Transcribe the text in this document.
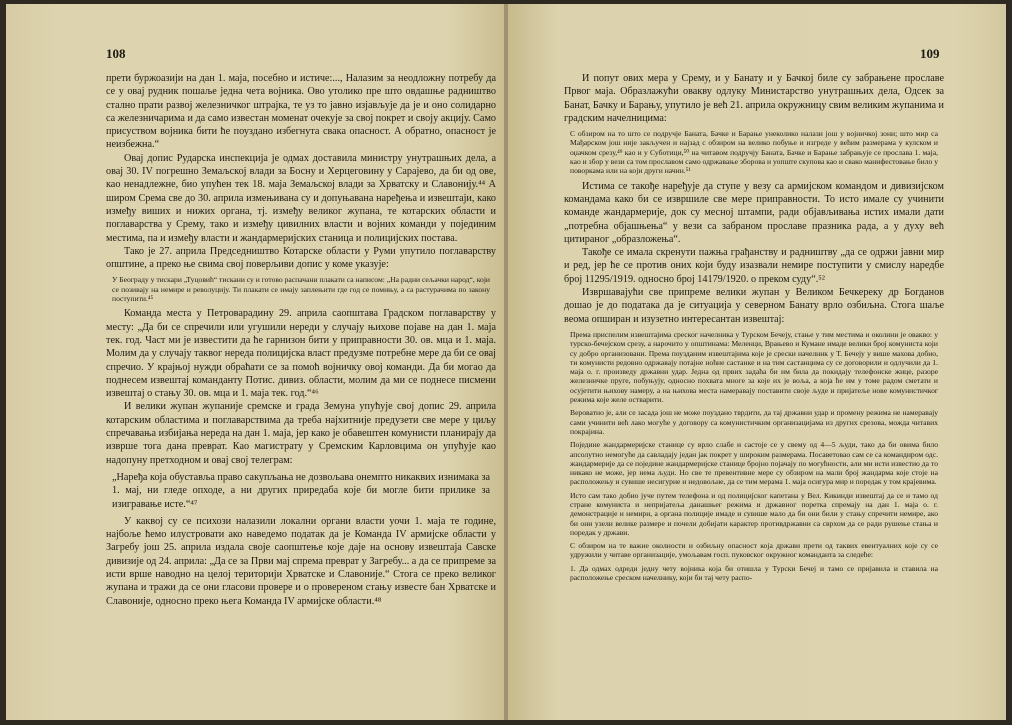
108

прети буржоазији на дан 1. маја, посебно и истиче:..., Налазим за неодложну потребу да се у овај рудник пошаље једна чета војника. Ово утолико пре што овдашње радништво стално прати развој железничког штрајка, те уз то јавно изјављује да је и оно солидарно са железничарима и да само известан моменат очекује за свој покрет и своју акцију. Само присуством војника бити ће поуздано избегнута свака опасност. А обратно, опасност је неизбежна.“

Овај допис Рударска инспекција је одмах доставила министру унутрашњих дела, а овај 30. IV погрешно Земаљској влади за Босну и Херцеговину у Сарајево, да би од ове, као ненадлежне, био упућен тек 18. маја Земаљској влади за Хрватску и Славонију.⁴⁴ А широм Срема све до 30. априла измењивана су и допуњавана наређења и извештаји, како између виших и нижих органа, тј. између великог жупана, те котарских области и поглаварства у Срему, тако и између цивилних власти и војних команди у појединим местима, па и између власти и жандармеријских станица и полицијских постава.

Тако је 27. априла Председништво Котарске области у Руми упутило поглаварству општине, а преко ње свима свој поверљиви допис у коме указује:

У Београду у тискари „Туцовић“ тискани су и готово распачани плакати са написом: „На радни сељачки народ“, који се позивају на немире и револуцију. Ти плакати се имају заплењити где год се помињу, а са растурачима по закону поступити.⁴⁵

Команда места у Петроварадину 29. априла саопштава Градском поглаварству у месту: „Да би се спречили или угушили нереди у случају њихове појаве на дан 1. маја тек. год. Част ми је известити да ће гарнизон бити у приправности 30. ов. мца и 1. маја. Молим да у случају таквог нереда полицијска власт предузме потребне мере да би се овај спречио. У крајњој нужди обраћати се за помоћ војничку овој команди. Да би могао да поднесем извештај команданту Потис. дивиз. области, молим да ми се поднесе писмени извештај о стању 30. ов. мца и 1. маја тек. год.“⁴⁶

И велики жупан жупаније сремске и града Земуна упућује свој допис 29. априла котарским областима и поглаварствима да треба најхитније предузети све мере у циљу спречавања избијања нереда на дан 1. маја, јер како је обавештен комунисти планирају да изврше тога дана преврат. Као магистрату у Сремским Карловцима он упућује као надопуну претходном и овај свој телеграм:

„Наређа која обустављa право сакупљања не дозвољава онемпто никаквих изнимака за 1. мај, ни гледе опходе, а ни других приредаба које би могле бити приликe за изигравање исте.“⁴⁷

У каквој су се психози налазили локални органи власти уочи 1. маја те године, најбоље ћемо илустровати ако наведемо податак да је Команда IV армијске области у Загребу још 25. априла издала своје саопштење које даје на основу извештаја Савске дивизије од 24. априла: „Да се за Први мај спрема преврат у Загребу... а да се припреме за исти врше наводно на целој територији Хрватске и Славоније.“ Стога се преко великог жупана и тражи да се они гласови провере и о провереном стању известе бан Хрватске и Славоније, односно преко њега Команда IV армијске области.⁴⁸

109

И попут ових мера у Срему, и у Банату и у Бачкој биле су забрањене прославе Првог маја. Образлажући овакву одлуку Министарство унутрашњих дела, Одсек за Банат, Бачку и Барању, упутило је већ 21. априла окружницу свим великим жупанима и градским начелницима:

С обзиром на то што се подручје Баната, Бачке и Барање унеколико налази још у војничкој зони; што мир са Мађарском још није закључен и најзад с обзиром на велико побуње и изгреде у већим размерама у кулском и оџачком срезу,⁴⁹ као и у Суботици,⁵⁰ на читавом подручју Баната, Бачке и Барање забрањује се прослава 1. маја, као и збор у вези са том прославом само одржавање збoрова и уопште скупова као и свако манифестовање било у поворкама или на који други начин.⁵¹

Истима се такође наређује да ступе у везу са армијском командом и дивизијском командама како би се извршиле све мере приправности. То исто имале су учинити команде жандармерије, док су месној штампи, ради објављивања истих имали дати „потребна објашњења“ у вези са забраном прославе празника рада, а у духу већ цитираног „образложења“.

Такође се имала скренути пажња грађанству и радништву „да се одржи јавни мир и ред, јер ће се против оних који буду изазвали немире поступити у смислу наредбе број 11295/1919. односно број 14179/1920. о преком суду“.⁵²

Извршавајући све припреме велики жупан у Великом Бечкереку др Богданов дошао је до података да је ситуација у северном Банату врло озбиљна. Стога шаље веома опширан и изузетно интересантан извештај:

Према приспелим извештајима среског начелника у Турском Бечеју, стање у тим местима и околини је овакво: у турско-бечејском срезу, а нарочито у општинама: Меленци, Врањево и Кумане имаде велики број комуниста који су добро организовани. Према поузданим извештајима које је срески начелник у Т. Бечеју у више махова добио, ти комунисти редовно одржавају потајне ноћне састанке и на тим састанцима су се договорили и одлучили да 1. маја о. г. произведу државни удар. Једна од првих задаћа би им била да покидају телефонске жице, разоре железничке пруге, побуњују, односно похвата многе за које их је воља, а која ће им у томе радом сметати и осујетити њихову намеру, а на њихова места намеравају поставити своје људе и пријатеље нове комунистичког режима које желе остварити.

Вероватно је, али се засада још не може поуздано тврдити, да тај државни удар и промену режима не намеравају сами учинити већ лако могуће у договору са комунистичким организацијама из других срезова, можда читавих покрајина.

Поједине жандармеријске станице су врло слабе и састоје се у свему од 4—5 људи, тако да би овима било апсолутно немогуће да савладају један јак покрет у широким размерама. Посаветовао сам се са командиром одс. жандармерије да се поједине жандармеријске станице бројно појачају по могућности, али ми исти известио да то никако не може, јер нема људи. Но све те превентивне мере су обзиром на мали број жандарма које стоје на расположењу и сувише несигурне и недовољне, да се тим мерама 1. маја осигура мир и поредак у том крајевима.

Исто сам тако добио јуче путем телефона и од полицијског капетана у Вел. Кикинди извештај да се и тамо од стране комуниста и непријатеља данашњег режима и државног поретка спремају на дан 1. маја о. г. демонстрације и немири, а органа полиције имаде и сувише мало да би они били у стању спречити немире, ако би они узели велике размере и почели добијати карактер противдржавни са сврхом да се ради рушење стања и поредак у држави.

С обзиром на те важне околности и озбиљну опасност која држави прети од таквих евентуалних које су се удружили у читаве организације, умољавам госп. пуковског окружног команданта за следеће:

1. Да одмах одреди једну чету војника која би отишла у Турски Бечеј и тамо се пријавила и ставила на расположење среском начелнику, који би тај чету распо-
